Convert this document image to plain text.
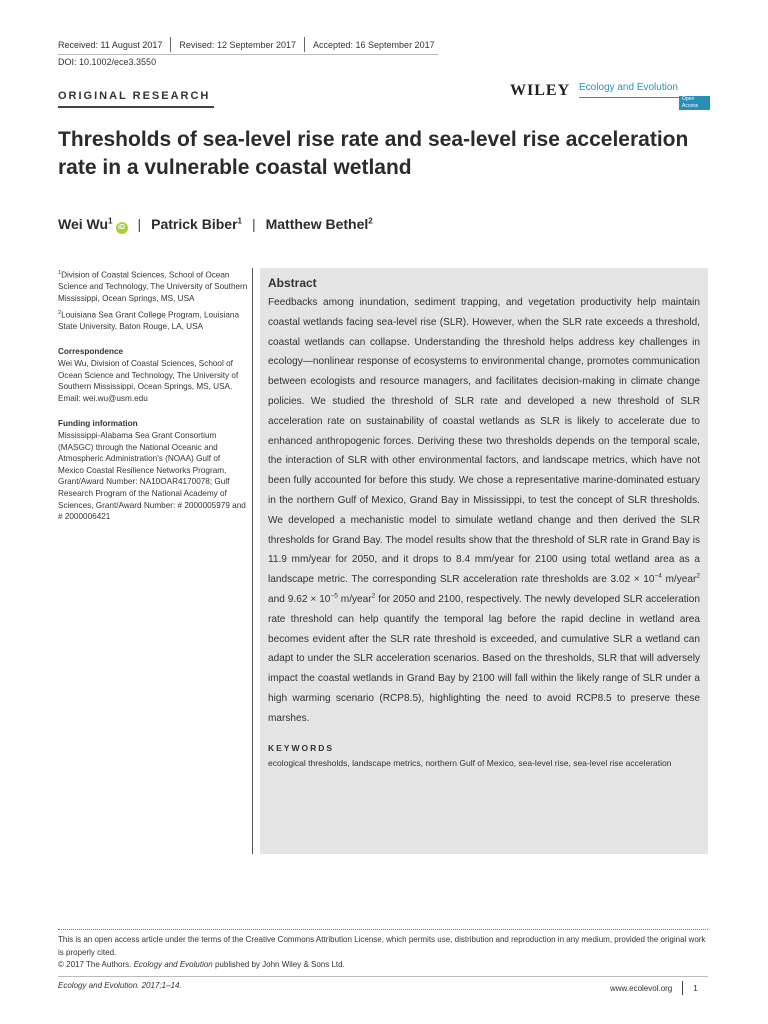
Received: 11 August 2017 Revised: 12 September 2017 Accepted: 16 September 2017
DOI: 10.1002/ece3.3550
ORIGINAL RESEARCH	WILEY Ecology and Evolution
Open Access
Thresholds of sea-level rise rate and sea-level rise acceleration rate in a vulnerable coastal wetland
Wei Wu$^1$
iD | Patrick Biber$^1$ | Matthew Bethel$^2$

$^1$Division of Coastal Sciences, School of Ocean Science and Technology, The University of Southern Mississippi, Ocean Springs, MS, USA

$^2$Louisiana Sea Grant College Program, Louisiana State University, Baton Rouge, LA, USA

Correspondence

Wei Wu, Division of Coastal Sciences, School of Ocean Science and Technology, The University of Southern Mississippi, Ocean Springs, MS, USA.
Email: wei.wu@usm.edu

Funding information

Mississippi-Alabama Sea Grant Consortium (MASGC) through the National Oceanic and Atmospheric Administration's (NOAA) Gulf of Mexico Coastal Resilience Networks Program, Grant/Award Number: NA10OAR4170078; Gulf Research Program of the National Academy of Sciences, Grant/Award Number: # 2000005979 and # 2000006421

Abstract
Feedbacks among inundation, sediment trapping, and vegetation productivity help maintain coastal wetlands facing sea-level rise (SLR). However, when the SLR rate exceeds a threshold, coastal wetlands can collapse. Understanding the threshold helps address key challenges in ecology—nonlinear response of ecosystems to environmental change, promotes communication between ecologists and resource managers, and facilitates decision-making in climate change policies. We studied the threshold of SLR rate and developed a new threshold of SLR acceleration rate on sustainability of coastal wetlands as SLR is likely to accelerate due to enhanced anthropogenic forces. Deriving these two thresholds depends on the temporal scale, the interaction of SLR with other environmental factors, and landscape metrics, which have not been fully accounted for before this study. We chose a representative marine-dominated estuary in the northern Gulf of Mexico, Grand Bay in Mississippi, to test the concept of SLR thresholds. We developed a mechanistic model to simulate wetland change and then derived the SLR thresholds for Grand Bay. The model results show that the threshold of SLR rate in Grand Bay is 11.9 mm/year for 2050, and it drops to 8.4 mm/year for 2100 using total wetland area as a landscape metric. The corresponding SLR acceleration rate thresholds are $3.02 \times 10^{-4}$ m/year$^2$ and $9.62 \times 10^{-5}$ m/year$^2$ for 2050 and 2100, respectively. The newly developed SLR acceleration rate threshold can help quantify the temporal lag before the rapid decline in wetland area becomes evident after the SLR rate threshold is exceeded, and cumulative SLR a wetland can adapt to under the SLR acceleration scenarios. Based on the thresholds, SLR that will adversely impact the coastal wetlands in Grand Bay by 2100 will fall within the likely range of SLR under a high warming scenario (RCP8.5), highlighting the need to avoid RCP8.5 to preserve these marshes.
KEYWORDS
ecological thresholds, landscape metrics, northern Gulf of Mexico, sea-level rise, sea-level rise acceleration
This is an open access article under the terms of the Creative Commons Attribution License, which permits use, distribution and reproduction in any medium, provided the original work is properly cited.
© 2017 The Authors. Ecology and Evolution published by John Wiley & Sons Ltd.
Ecology and Evolution. 2017;1–14.	www.ecolevol.org	1
